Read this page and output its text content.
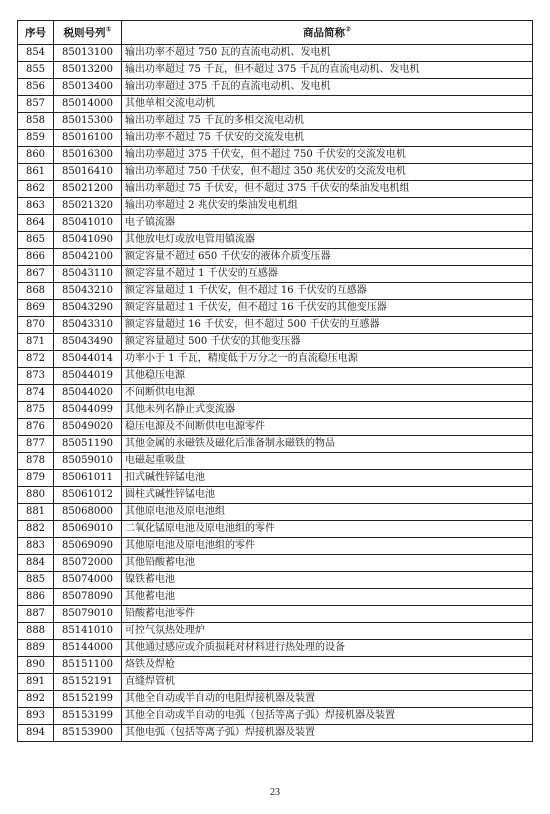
序号	税则号列①	商品简称②
854	85013100	输出功率不超过 750 瓦的直流电动机、发电机
855	85013200	输出功率超过 75 千瓦，但不超过 375 千瓦的直流电动机、发电机
856	85013400	输出功率超过 375 千瓦的直流电动机、发电机
857	85014000	其他单相交流电动机
858	85015300	输出功率超过 75 千瓦的多相交流电动机
859	85016100	输出功率不超过 75 千伏安的交流发电机
860	85016300	输出功率超过 375 千伏安，但不超过 750 千伏安的交流发电机
861	85016410	输出功率超过 750 千伏安，但不超过 350 兆伏安的交流发电机
862	85021200	输出功率超过 75 千伏安，但不超过 375 千伏安的柴油发电机组
863	85021320	输出功率超过 2 兆伏安的柴油发电机组
864	85041010	电子镇流器
865	85041090	其他放电灯或放电管用镇流器
866	85042100	额定容量不超过 650 千伏安的液体介质变压器
867	85043110	额定容量不超过 1 千伏安的互感器
868	85043210	额定容量超过 1 千伏安，但不超过 16 千伏安的互感器
869	85043290	额定容量超过 1 千伏安，但不超过 16 千伏安的其他变压器
870	85043310	额定容量超过 16 千伏安，但不超过 500 千伏安的互感器
871	85043490	额定容量超过 500 千伏安的其他变压器
872	85044014	功率小于 1 千瓦，精度低于万分之一的直流稳压电源
873	85044019	其他稳压电源
874	85044020	不间断供电电源
875	85044099	其他未列名静止式变流器
876	85049020	稳压电源及不间断供电电源零件
877	85051190	其他金属的永磁铁及磁化后准备制永磁铁的物品
878	85059010	电磁起重吸盘
879	85061011	扣式碱性锌锰电池
880	85061012	圆柱式碱性锌锰电池
881	85068000	其他原电池及原电池组
882	85069010	二氧化锰原电池及原电池组的零件
883	85069090	其他原电池及原电池组的零件
884	85072000	其他铅酸蓄电池
885	85074000	镍铁蓄电池
886	85078090	其他蓄电池
887	85079010	铅酸蓄电池零件
888	85141010	可控气氛热处理炉
889	85144000	其他通过感应或介质损耗对材料进行热处理的设备
890	85151100	烙铁及焊枪
891	85152191	直缝焊管机
892	85152199	其他全自动或半自动的电阻焊接机器及装置
893	85153199	其他全自动或半自动的电弧（包括等离子弧）焊接机器及装置
894	85153900	其他电弧（包括等离子弧）焊接机器及装置
23
